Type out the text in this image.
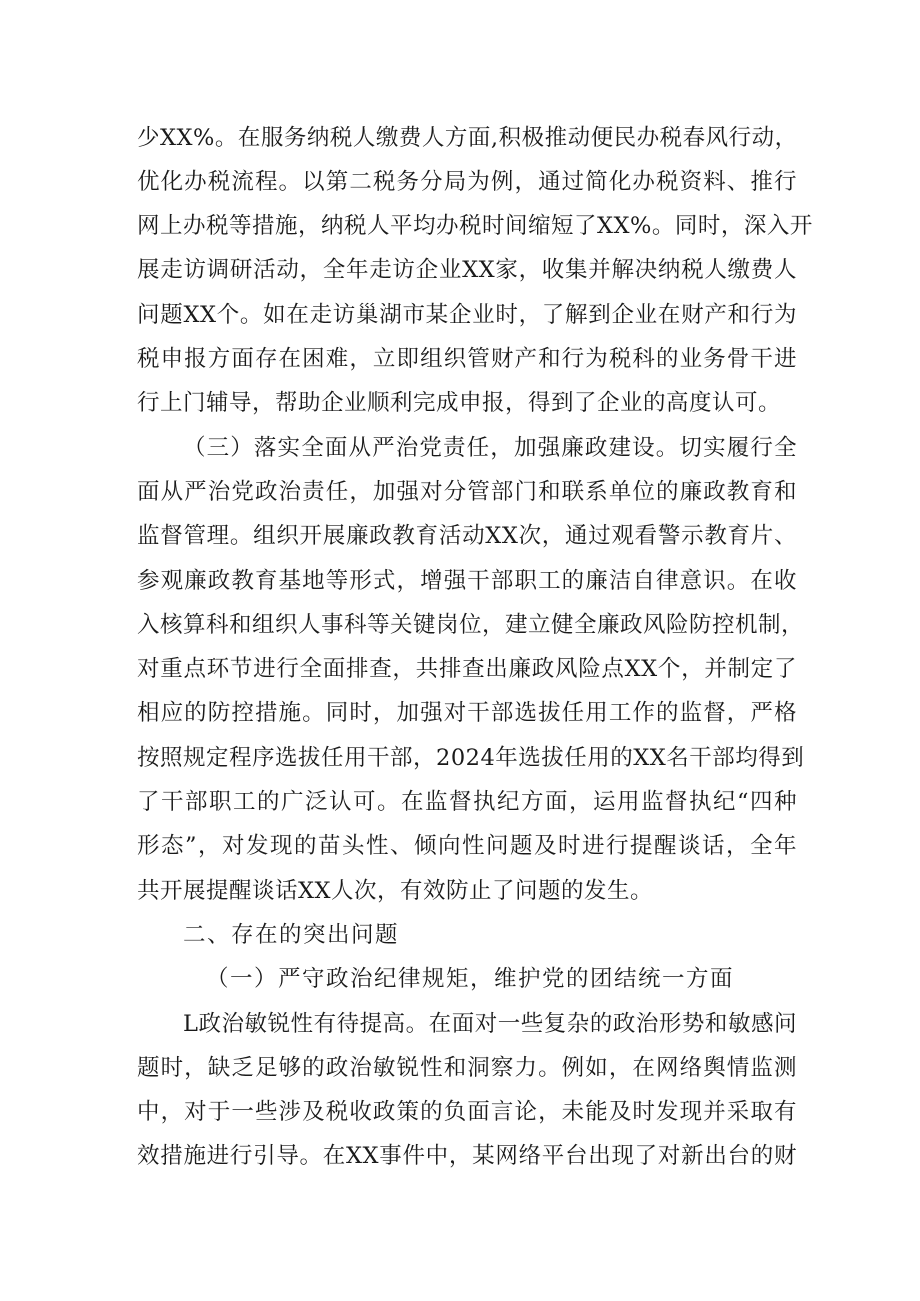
少XX%。在服务纳税人缴费人方面,积极推动便民办税春风行动，
优化办税流程。以第二税务分局为例，通过简化办税资料、推行
网上办税等措施，纳税人平均办税时间缩短了XX%。同时，深入开
展走访调研活动，全年走访企业XX家，收集并解决纳税人缴费人
问题XX个。如在走访巢湖市某企业时，了解到企业在财产和行为
税申报方面存在困难，立即组织管财产和行为税科的业务骨干进
行上门辅导，帮助企业顺利完成申报，得到了企业的高度认可。
（三）落实全面从严治党责任，加强廉政建设。切实履行全
面从严治党政治责任，加强对分管部门和联系单位的廉政教育和
监督管理。组织开展廉政教育活动XX次，通过观看警示教育片、
参观廉政教育基地等形式，增强干部职工的廉洁自律意识。在收
入核算科和组织人事科等关键岗位，建立健全廉政风险防控机制，
对重点环节进行全面排查，共排查出廉政风险点XX个，并制定了
相应的防控措施。同时，加强对干部选拔任用工作的监督，严格
按照规定程序选拔任用干部，2024年选拔任用的XX名干部均得到
了干部职工的广泛认可。在监督执纪方面，运用监督执纪“四种
形态”，对发现的苗头性、倾向性问题及时进行提醒谈话，全年
共开展提醒谈话XX人次，有效防止了问题的发生。
二、存在的突出问题
（一）严守政治纪律规矩，维护党的团结统一方面
L政治敏锐性有待提高。在面对一些复杂的政治形势和敏感问
题时，缺乏足够的政治敏锐性和洞察力。例如，在网络舆情监测
中，对于一些涉及税收政策的负面言论，未能及时发现并采取有
效措施进行引导。在XX事件中，某网络平台出现了对新出台的财
